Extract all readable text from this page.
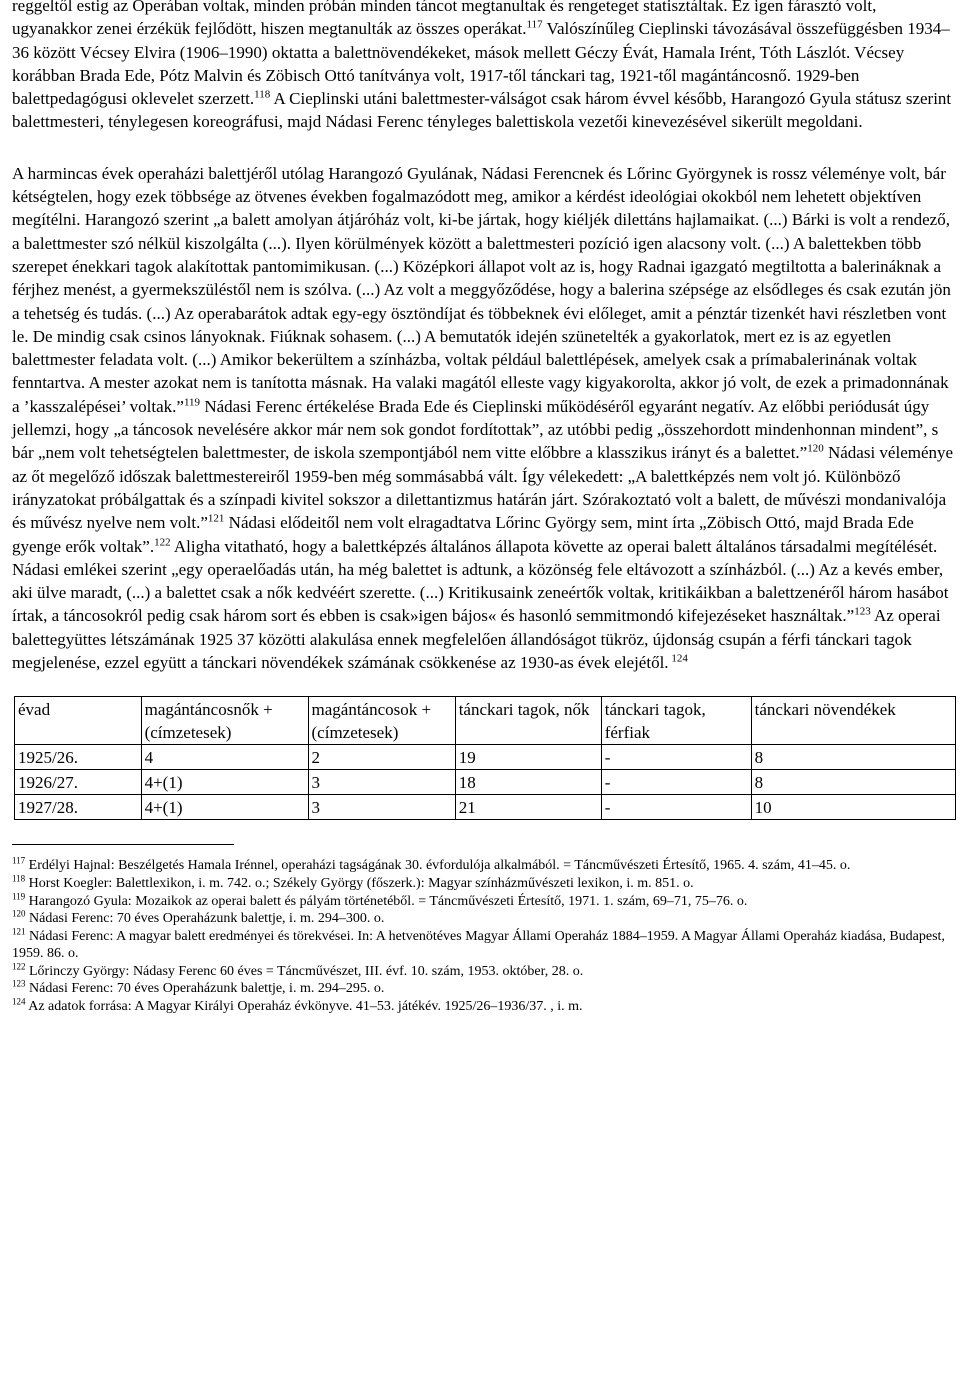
reggeltől estig az Operában voltak, minden próbán minden táncot megtanultak és rengeteget statisztáltak. Ez igen fárasztó volt, ugyanakkor zenei érzékük fejlődött, hiszen megtanulták az összes operákat.$^{117}$ Valószínűleg Cieplinski távozásával összefüggésben 1934–36 között Vécsey Elvira (1906–1990) oktatta a balettnövendékeket, mások mellett Géczy Évát, Hamala Irént, Tóth Lászlót. Vécsey korábban Brada Ede, Pótz Malvin és Zöbisch Ottó tanítványa volt, 1917-től tánckari tag, 1921-től magántáncosnő. 1929-ben balettpedagógusi oklevelet szerzett.$^{118}$ A Cieplinski utáni balettmester-válságot csak három évvel később, Harangozó Gyula státusz szerint balettmesteri, ténylegesen koreográfusi, majd Nádasi Ferenc tényleges balettiskola vezetői kinevezésével sikerült megoldani.

A harmincas évek operaházi balettjéről utólag Harangozó Gyulának, Nádasi Ferencnek és Lőrinc Györgynek is rossz véleménye volt, bár kétségtelen, hogy ezek többsége az ötvenes években fogalmazódott meg, amikor a kérdést ideológiai okokból nem lehetett objektíven megítélni. Harangozó szerint „a balett amolyan átjáróház volt, ki-be jártak, hogy kiéljék dilettáns hajlamaikat. (...) Bárki is volt a rendező, a balettmester szó nélkül kiszolgálta (...). Ilyen körülmények között a balettmesteri pozíció igen alacsony volt. (...) A balettekben több szerepet énekkari tagok alakítottak pantomimikusan. (...) Középkori állapot volt az is, hogy Radnai igazgató megtiltotta a balerináknak a férjhez menést, a gyermekszüléstől nem is szólva. (...) Az volt a meggyőződése, hogy a balerina szépsége az elsődleges és csak ezután jön a tehetség és tudás. (...) Az operabarátok adtak egy-egy ösztöndíjat és többeknek évi előleget, amit a pénztár tizenkét havi részletben vont le. De mindig csak csinos lányoknak. Fiúknak sohasem. (...) A bemutatók idején szünetelték a gyakorlatok, mert ez is az egyetlen balettmester feladata volt. (...) Amikor bekerültem a színházba, voltak például balettlépések, amelyek csak a prímabalerinának voltak fenntartva. A mester azokat nem is tanította másnak. Ha valaki magától elleste vagy kigyakorolta, akkor jó volt, de ezek a primadonnának a ’kasszalépései’ voltak.”$^{119}$ Nádasi Ferenc értékelése Brada Ede és Cieplinski működéséről egyaránt negatív. Az előbbi periódusát úgy jellemzi, hogy „a táncosok nevelésére akkor már nem sok gondot fordítottak”, az utóbbi pedig „összehordott mindenhonnan mindent”, s bár „nem volt tehetségtelen balettmester, de iskola szempontjából nem vitte előbbre a klasszikus irányt és a balettet.”$^{120}$ Nádasi véleménye az őt megelőző időszak balettmestereiről 1959-ben még sommásabbá vált. Így vélekedett: „A balettképzés nem volt jó. Különböző irányzatokat próbálgattak és a színpadi kivitel sokszor a dilettantizmus határán járt. Szórakoztató volt a balett, de művészi mondanivalója és művész nyelve nem volt.”$^{121}$ Nádasi elődeitől nem volt elragadtatva Lőrinc György sem, mint írta „Zöbisch Ottó, majd Brada Ede gyenge erők voltak”.$^{122}$ Aligha vitatható, hogy a balettképzés általános állapota követte az operai balett általános társadalmi megítélését. Nádasi emlékei szerint „egy operaelőadás után, ha még balettet is adtunk, a közönség fele eltávozott a színházból. (...) Az a kevés ember, aki ülve maradt, (...) a balettet csak a nők kedvéért szerette. (...) Kritikusaink zeneértők voltak, kritikáikban a balettzenéről három hasábot írtak, a táncosokról pedig csak három sort és ebben is csak»igen bájos« és hasonló semmitmondó kifejezéseket használtak.”$^{123}$ Az operai balettegyüttes létszámának 1925 37 közötti alakulása ennek megfelelően állandóságot tükröz, újdonság csupán a férfi tánckari tagok megjelenése, ezzel együtt a tánckari növendékek számának csökkenése az 1930-as évek elejétől. $^{124}$

évad	magántáncosnők + (címzetesek)	magántáncosok + (címzetesek)	tánckari tagok, nők	tánckari tagok, férfiak	tánckari növendékek
1925/26.	4	2	19	-	8
1926/27.	4+(1)	3	18	-	8
1927/28.	4+(1)	3	21	-	10
$^{117}$ Erdélyi Hajnal: Beszélgetés Hamala Irénnel, operaházi tagságának 30. évfordulója alkalmából. = Táncművészeti Értesítő, 1965. 4. szám, 41–45. o.
$^{118}$ Horst Koegler: Balettlexikon, i. m. 742. o.; Székely György (főszerk.): Magyar színházművészeti lexikon, i. m. 851. o.
$^{119}$ Harangozó Gyula: Mozaikok az operai balett és pályám történetéből. = Táncművészeti Értesítő, 1971. 1. szám, 69–71, 75–76. o.
$^{120}$ Nádasi Ferenc: 70 éves Operaházunk balettje, i. m. 294–300. o.
$^{121}$ Nádasi Ferenc: A magyar balett eredményei és törekvései. In: A hetvenötéves Magyar Állami Operaház 1884–1959. A Magyar Állami Operaház kiadása, Budapest, 1959. 86. o.
$^{122}$ Lőrinczy György: Nádasy Ferenc 60 éves = Táncművészet, III. évf. 10. szám, 1953. október, 28. o.
$^{123}$ Nádasi Ferenc: 70 éves Operaházunk balettje, i. m. 294–295. o.
$^{124}$ Az adatok forrása: A Magyar Királyi Operaház évkönyve. 41–53. játékév. 1925/26–1936/37. , i. m.
